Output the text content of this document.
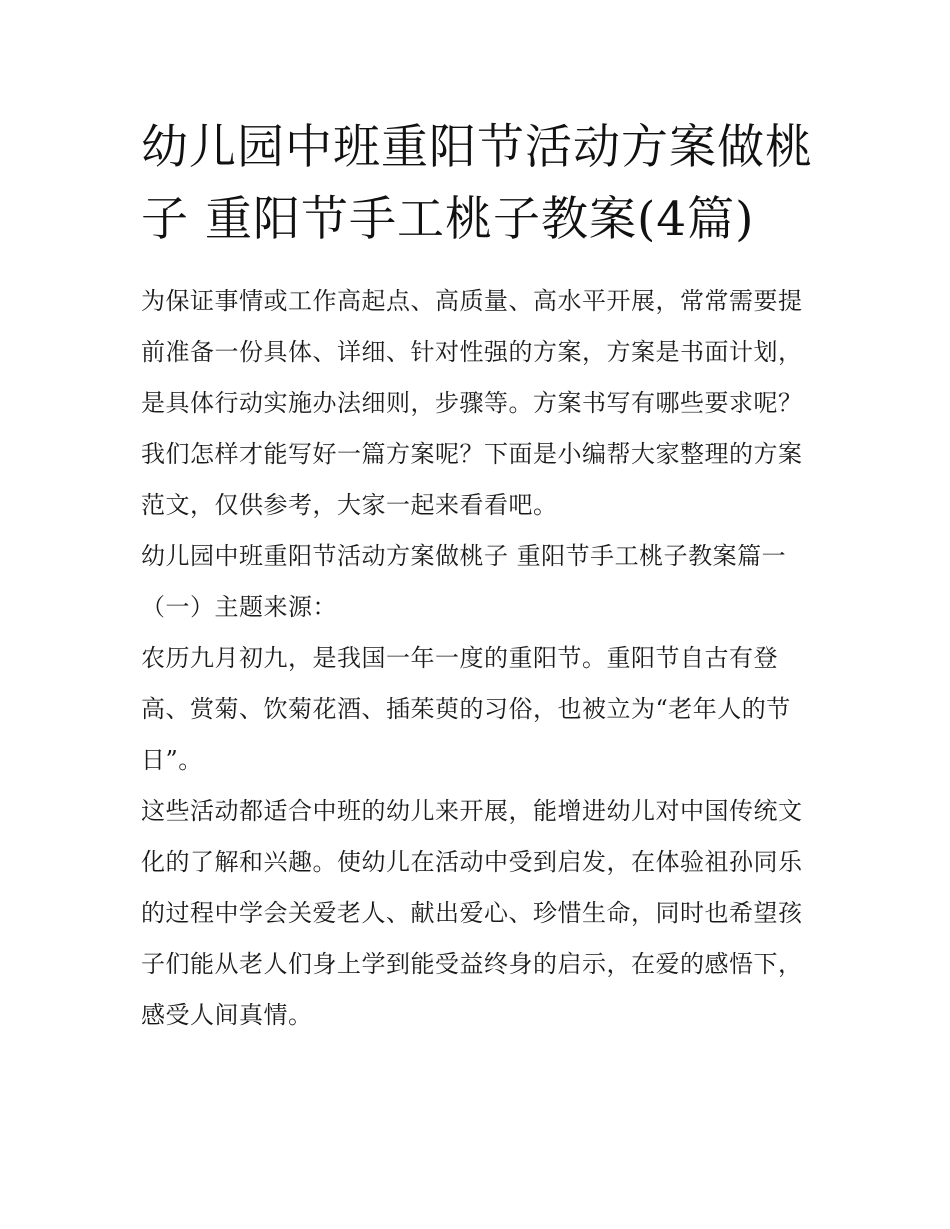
幼儿园中班重阳节活动方案做桃子 重阳节手工桃子教案(4篇)

为保证事情或工作高起点、高质量、高水平开展，常常需要提前准备一份具体、详细、针对性强的方案，方案是书面计划，是具体行动实施办法细则，步骤等。方案书写有哪些要求呢？我们怎样才能写好一篇方案呢？下面是小编帮大家整理的方案范文，仅供参考，大家一起来看看吧。

幼儿园中班重阳节活动方案做桃子 重阳节手工桃子教案篇一

（一）主题来源：

农历九月初九，是我国一年一度的重阳节。重阳节自古有登高、赏菊、饮菊花酒、插茱萸的习俗，也被立为“老年人的节日”。

这些活动都适合中班的幼儿来开展，能增进幼儿对中国传统文化的了解和兴趣。使幼儿在活动中受到启发，在体验祖孙同乐的过程中学会关爱老人、献出爱心、珍惜生命，同时也希望孩子们能从老人们身上学到能受益终身的启示，在爱的感悟下，感受人间真情。
